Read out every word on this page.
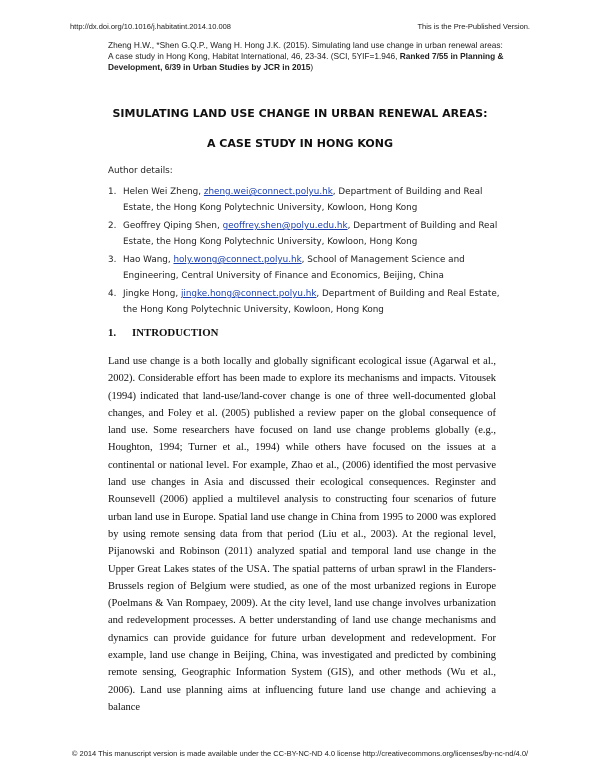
http://dx.doi.org/10.1016/j.habitatint.2014.10.008	This is the Pre-Published Version.
Zheng H.W., *Shen G.Q.P., Wang H. Hong J.K. (2015). Simulating land use change in urban renewal areas: A case study in Hong Kong, Habitat International, 46, 23-34. (SCI, 5YIF=1.946, Ranked 7/55 in Planning & Development, 6/39 in Urban Studies by JCR in 2015)
SIMULATING LAND USE CHANGE IN URBAN RENEWAL AREAS:
A CASE STUDY IN HONG KONG
Author details:
1. Helen Wei Zheng, zheng.wei@connect.polyu.hk, Department of Building and Real Estate, the Hong Kong Polytechnic University, Kowloon, Hong Kong
2. Geoffrey Qiping Shen, geoffrey.shen@polyu.edu.hk, Department of Building and Real Estate, the Hong Kong Polytechnic University, Kowloon, Hong Kong
3. Hao Wang, holy.wong@connect.polyu.hk, School of Management Science and Engineering, Central University of Finance and Economics, Beijing, China
4. Jingke Hong, jingke.hong@connect.polyu.hk, Department of Building and Real Estate, the Hong Kong Polytechnic University, Kowloon, Hong Kong
1. INTRODUCTION
Land use change is a both locally and globally significant ecological issue (Agarwal et al., 2002). Considerable effort has been made to explore its mechanisms and impacts. Vitousek (1994) indicated that land-use/land-cover change is one of three well-documented global changes, and Foley et al. (2005) published a review paper on the global consequence of land use. Some researchers have focused on land use change problems globally (e.g., Houghton, 1994; Turner et al., 1994) while others have focused on the issues at a continental or national level. For example, Zhao et al., (2006) identified the most pervasive land use changes in Asia and discussed their ecological consequences. Reginster and Rounsevell (2006) applied a multilevel analysis to constructing four scenarios of future urban land use in Europe. Spatial land use change in China from 1995 to 2000 was explored by using remote sensing data from that period (Liu et al., 2003). At the regional level, Pijanowski and Robinson (2011) analyzed spatial and temporal land use change in the Upper Great Lakes states of the USA. The spatial patterns of urban sprawl in the Flanders-Brussels region of Belgium were studied, as one of the most urbanized regions in Europe (Poelmans & Van Rompaey, 2009). At the city level, land use change involves urbanization and redevelopment processes. A better understanding of land use change mechanisms and dynamics can provide guidance for future urban development and redevelopment. For example, land use change in Beijing, China, was investigated and predicted by combining remote sensing, Geographic Information System (GIS), and other methods (Wu et al., 2006). Land use planning aims at influencing future land use change and achieving a balance
© 2014 This manuscript version is made available under the CC-BY-NC-ND 4.0 license http://creativecommons.org/licenses/by-nc-nd/4.0/
